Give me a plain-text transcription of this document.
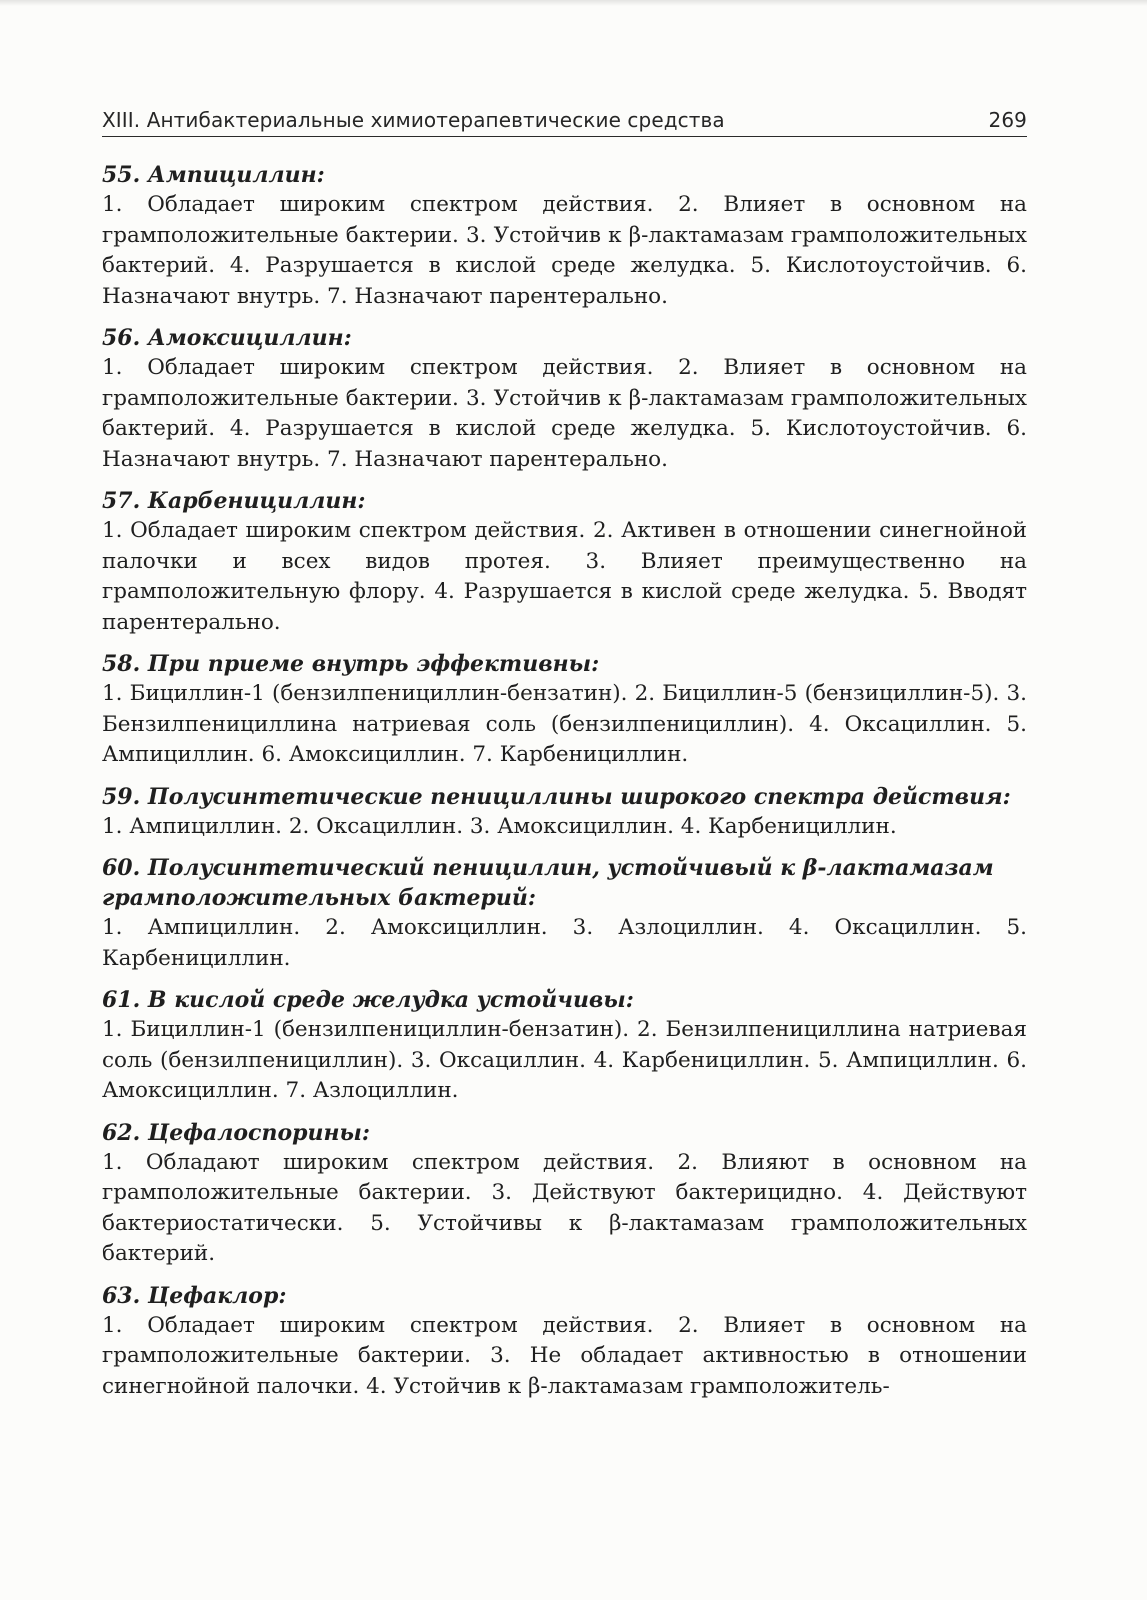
XIII. Антибактериальные химиотерапевтические средства	269

55. Ампициллин:

1. Обладает широким спектром действия. 2. Влияет в основном на грамположительные бактерии. 3. Устойчив к β-лактамазам грамположительных бактерий. 4. Разрушается в кислой среде желудка. 5. Кислотоустойчив. 6. Назначают внутрь. 7. Назначают парентерально.

56. Амоксициллин:

1. Обладает широким спектром действия. 2. Влияет в основном на грамположительные бактерии. 3. Устойчив к β-лактамазам грамположительных бактерий. 4. Разрушается в кислой среде желудка. 5. Кислотоустойчив. 6. Назначают внутрь. 7. Назначают парентерально.

57. Карбенициллин:

1. Обладает широким спектром действия. 2. Активен в отношении синегнойной палочки и всех видов протея. 3. Влияет преимущественно на грамположительную флору. 4. Разрушается в кислой среде желудка. 5. Вводят парентерально.

58. При приеме внутрь эффективны:

1. Бициллин-1 (бензилпенициллин-бензатин). 2. Бициллин-5 (бензициллин-5). 3. Бензилпенициллина натриевая соль (бензилпенициллин). 4. Оксациллин. 5. Ампициллин. 6. Амоксициллин. 7. Карбенициллин.

59. Полусинтетические пенициллины широкого спектра действия:

1. Ампициллин. 2. Оксациллин. 3. Амоксициллин. 4. Карбенициллин.

60. Полусинтетический пенициллин, устойчивый к β-лактамазам грамположительных бактерий:

1. Ампициллин. 2. Амоксициллин. 3. Азлоциллин. 4. Оксациллин. 5. Карбенициллин.

61. В кислой среде желудка устойчивы:

1. Бициллин-1 (бензилпенициллин-бензатин). 2. Бензилпенициллина натриевая соль (бензилпенициллин). 3. Оксациллин. 4. Карбенициллин. 5. Ампициллин. 6. Амоксициллин. 7. Азлоциллин.

62. Цефалоспорины:

1. Обладают широким спектром действия. 2. Влияют в основном на грамположительные бактерии. 3. Действуют бактерицидно. 4. Действуют бактериостатически. 5. Устойчивы к β-лактамазам грамположительных бактерий.

63. Цефаклор:

1. Обладает широким спектром действия. 2. Влияет в основном на грамположительные бактерии. 3. Не обладает активностью в отношении синегнойной палочки. 4. Устойчив к β-лактамазам грамположитель-
